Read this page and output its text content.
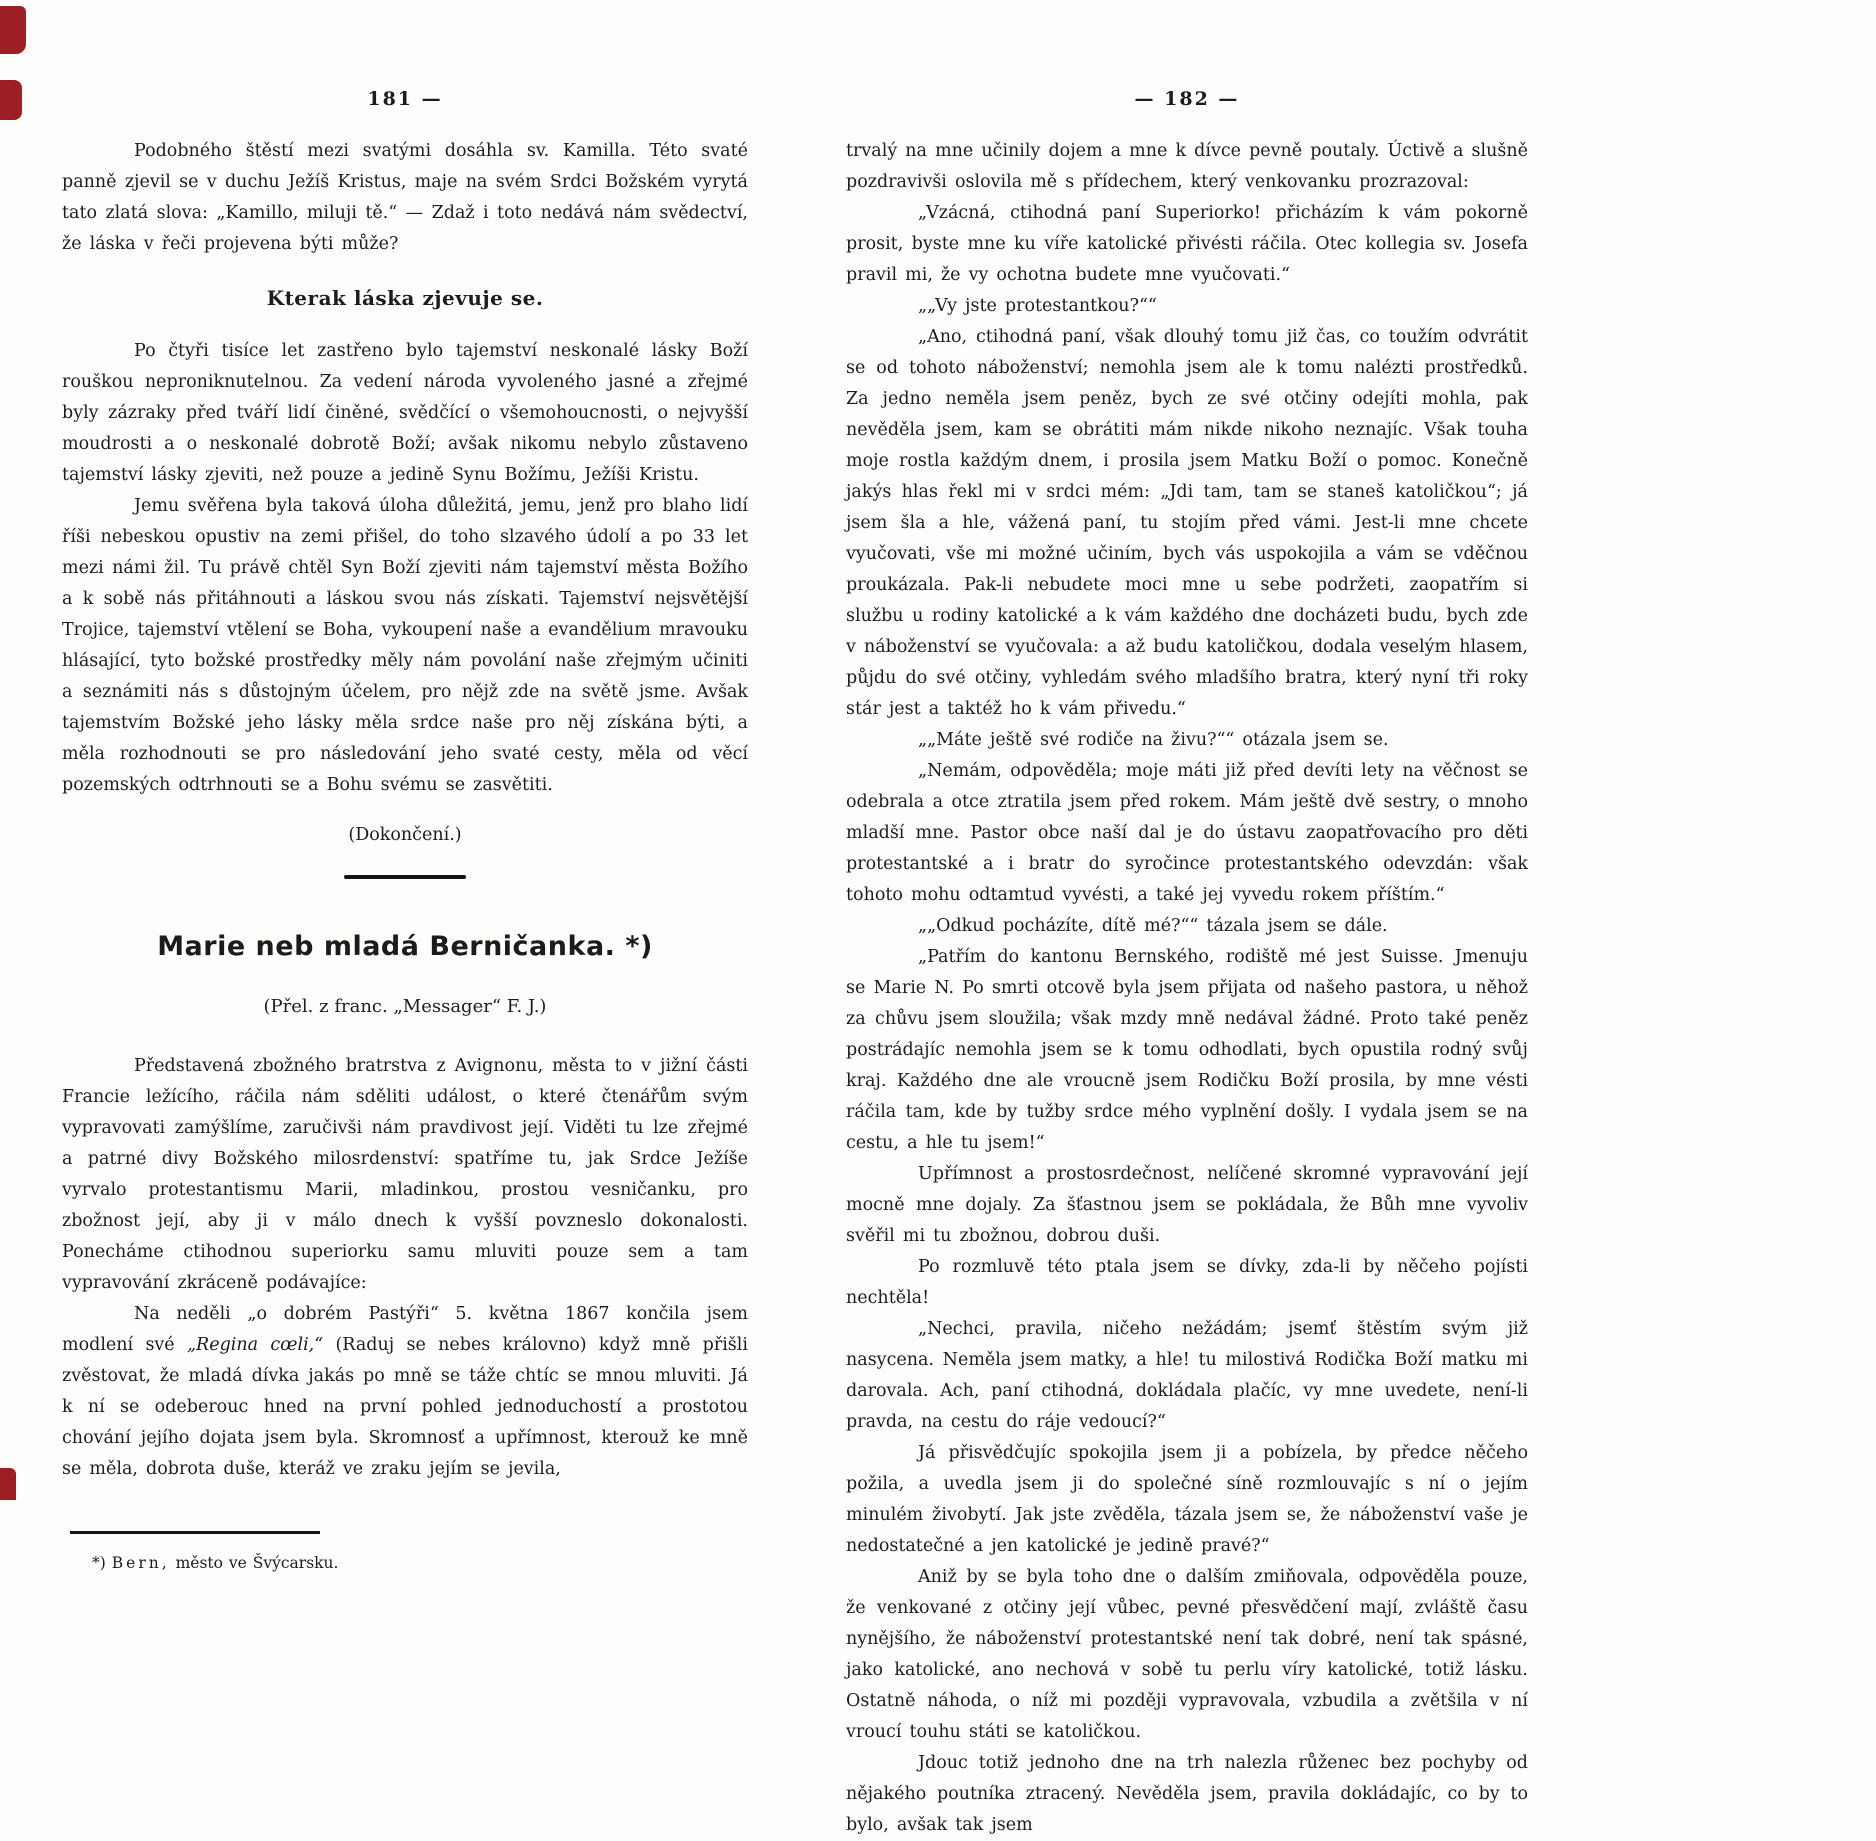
181 —

Podobného štěstí mezi svatými dosáhla sv. Kamilla. Této svaté panně zjevil se v duchu Ježíš Kristus, maje na svém Srdci Božském vyrytá tato zlatá slova: „Kamillo, miluji tě.“ — Zdaž i toto nedává nám svědectví, že láska v řeči projevena býti může?

Kterak láska zjevuje se.

Po čtyři tisíce let zastřeno bylo tajemství neskonalé lásky Boží rouškou neproniknutelnou. Za vedení národa vyvoleného jasné a zřejmé byly zázraky před tváří lidí činěné, svědčící o všemohoucnosti, o nejvyšší moudrosti a o neskonalé dobrotě Boží; avšak nikomu nebylo zůstaveno tajemství lásky zjeviti, než pouze a jedině Synu Božímu, Ježíši Kristu.

Jemu svěřena byla taková úloha důležitá, jemu, jenž pro blaho lidí říši nebeskou opustiv na zemi přišel, do toho slzavého údolí a po 33 let mezi námi žil. Tu právě chtěl Syn Boží zjeviti nám tajemství města Božího a k sobě nás přitáhnouti a láskou svou nás získati. Tajemství nejsvětější Trojice, tajemství vtělení se Boha, vykoupení naše a evandělium mravouku hlásající, tyto božské prostředky měly nám povolání naše zřejmým učiniti a seznámiti nás s důstojným účelem, pro nějž zde na světě jsme. Avšak tajemstvím Božské jeho lásky měla srdce naše pro něj získána býti, a měla rozhodnouti se pro následování jeho svaté cesty, měla od věcí pozemských odtrhnouti se a Bohu svému se zasvětiti.

(Dokončení.)
Marie neb mladá Berničanka. *)
(Přel. z franc. „Messager“ F. J.)

Představená zbožného bratrstva z Avignonu, města to v jižní části Francie ležícího, ráčila nám sděliti událost, o které čtenářům svým vypravovati zamýšlíme, zaručivši nám pravdivost její. Viděti tu lze zřejmé a patrné divy Božského milosrdenství: spatříme tu, jak Srdce Ježíše vyrvalo protestantismu Marii, mladinkou, prostou vesničanku, pro zbožnost její, aby ji v málo dnech k vyšší povzneslo dokonalosti. Ponecháme ctihodnou superiorku samu mluviti pouze sem a tam vypravování zkráceně podávajíce:

Na neděli „o dobrém Pastýři“ 5. května 1867 končila jsem modlení své „Regina cœli,“ (Raduj se nebes královno) když mně přišli zvěstovat, že mladá dívka jakás po mně se táže chtíc se mnou mluviti. Já k ní se odeberouc hned na první pohled jednoduchostí a prostotou chování jejího dojata jsem byla. Skromnosť a upřímnost, kterouž ke mně se měla, dobrota duše, kteráž ve zraku jejím se jevila,

*) Bern, město ve Švýcarsku.
— 182 —

trvalý na mne učinily dojem a mne k dívce pevně poutaly. Úctivě a slušně pozdravivši oslovila mě s přídechem, který venkovanku prozrazoval:

„Vzácná, ctihodná paní Superiorko! přicházím k vám pokorně prosit, byste mne ku víře katolické přivésti ráčila. Otec kollegia sv. Josefa pravil mi, že vy ochotna budete mne vyučovati.“

„„Vy jste protestantkou?““

„Ano, ctihodná paní, však dlouhý tomu již čas, co toužím odvrátit se od tohoto náboženství; nemohla jsem ale k tomu nalézti prostředků. Za jedno neměla jsem peněz, bych ze své otčiny odejíti mohla, pak nevěděla jsem, kam se obrátiti mám nikde nikoho neznajíc. Však touha moje rostla každým dnem, i prosila jsem Matku Boží o pomoc. Konečně jakýs hlas řekl mi v srdci mém: „Jdi tam, tam se staneš katoličkou“; já jsem šla a hle, vážená paní, tu stojím před vámi. Jest-li mne chcete vyučovati, vše mi možné učiním, bych vás uspokojila a vám se vděčnou proukázala. Pak-li nebudete moci mne u sebe podržeti, zaopatřím si službu u rodiny katolické a k vám každého dne docházeti budu, bych zde v náboženství se vyučovala: a až budu katoličkou, dodala veselým hlasem, půjdu do své otčiny, vyhledám svého mladšího bratra, který nyní tři roky stár jest a taktéž ho k vám přivedu.“

„„Máte ještě své rodiče na živu?““ otázala jsem se.

„Nemám, odpověděla; moje máti již před devíti lety na věčnost se odebrala a otce ztratila jsem před rokem. Mám ještě dvě sestry, o mnoho mladší mne. Pastor obce naší dal je do ústavu zaopatřovacího pro děti protestantské a i bratr do syročince protestantského odevzdán: však tohoto mohu odtamtud vyvésti, a také jej vyvedu rokem příštím.“

„„Odkud pocházíte, dítě mé?““ tázala jsem se dále.

„Patřím do kantonu Bernského, rodiště mé jest Suisse. Jmenuju se Marie N. Po smrti otcově byla jsem přijata od našeho pastora, u něhož za chůvu jsem sloužila; však mzdy mně nedával žádné. Proto také peněz postrádajíc nemohla jsem se k tomu odhodlati, bych opustila rodný svůj kraj. Každého dne ale vroucně jsem Rodičku Boží prosila, by mne vésti ráčila tam, kde by tužby srdce mého vyplnění došly. I vydala jsem se na cestu, a hle tu jsem!“

Upřímnost a prostosrdečnost, nelíčené skromné vypravování její mocně mne dojaly. Za šťastnou jsem se pokládala, že Bůh mne vyvoliv svěřil mi tu zbožnou, dobrou duši.

Po rozmluvě této ptala jsem se dívky, zda-li by něčeho pojísti nechtěla!

„Nechci, pravila, ničeho nežádám; jsemť štěstím svým již nasycena. Neměla jsem matky, a hle! tu milostivá Rodička Boží matku mi darovala. Ach, paní ctihodná, dokládala plačíc, vy mne uvedete, není-li pravda, na cestu do ráje vedoucí?“

Já přisvědčujíc spokojila jsem ji a pobízela, by předce něčeho požila, a uvedla jsem ji do společné síně rozmlouvajíc s ní o jejím minulém živobytí. Jak jste zvěděla, tázala jsem se, že náboženství vaše je nedostatečné a jen katolické je jedině pravé?“

Aniž by se byla toho dne o dalším zmiňovala, odpověděla pouze, že venkované z otčiny její vůbec, pevné přesvědčení mají, zvláště času nynějšího, že náboženství protestantské není tak dobré, není tak spásné, jako katolické, ano nechová v sobě tu perlu víry katolické, totiž lásku. Ostatně náhoda, o níž mi později vypravovala, vzbudila a zvětšila v ní vroucí touhu státi se katoličkou.

Jdouc totiž jednoho dne na trh nalezla růženec bez pochyby od nějakého poutníka ztracený. Nevěděla jsem, pravila dokládajíc, co by to bylo, avšak tak jsem
